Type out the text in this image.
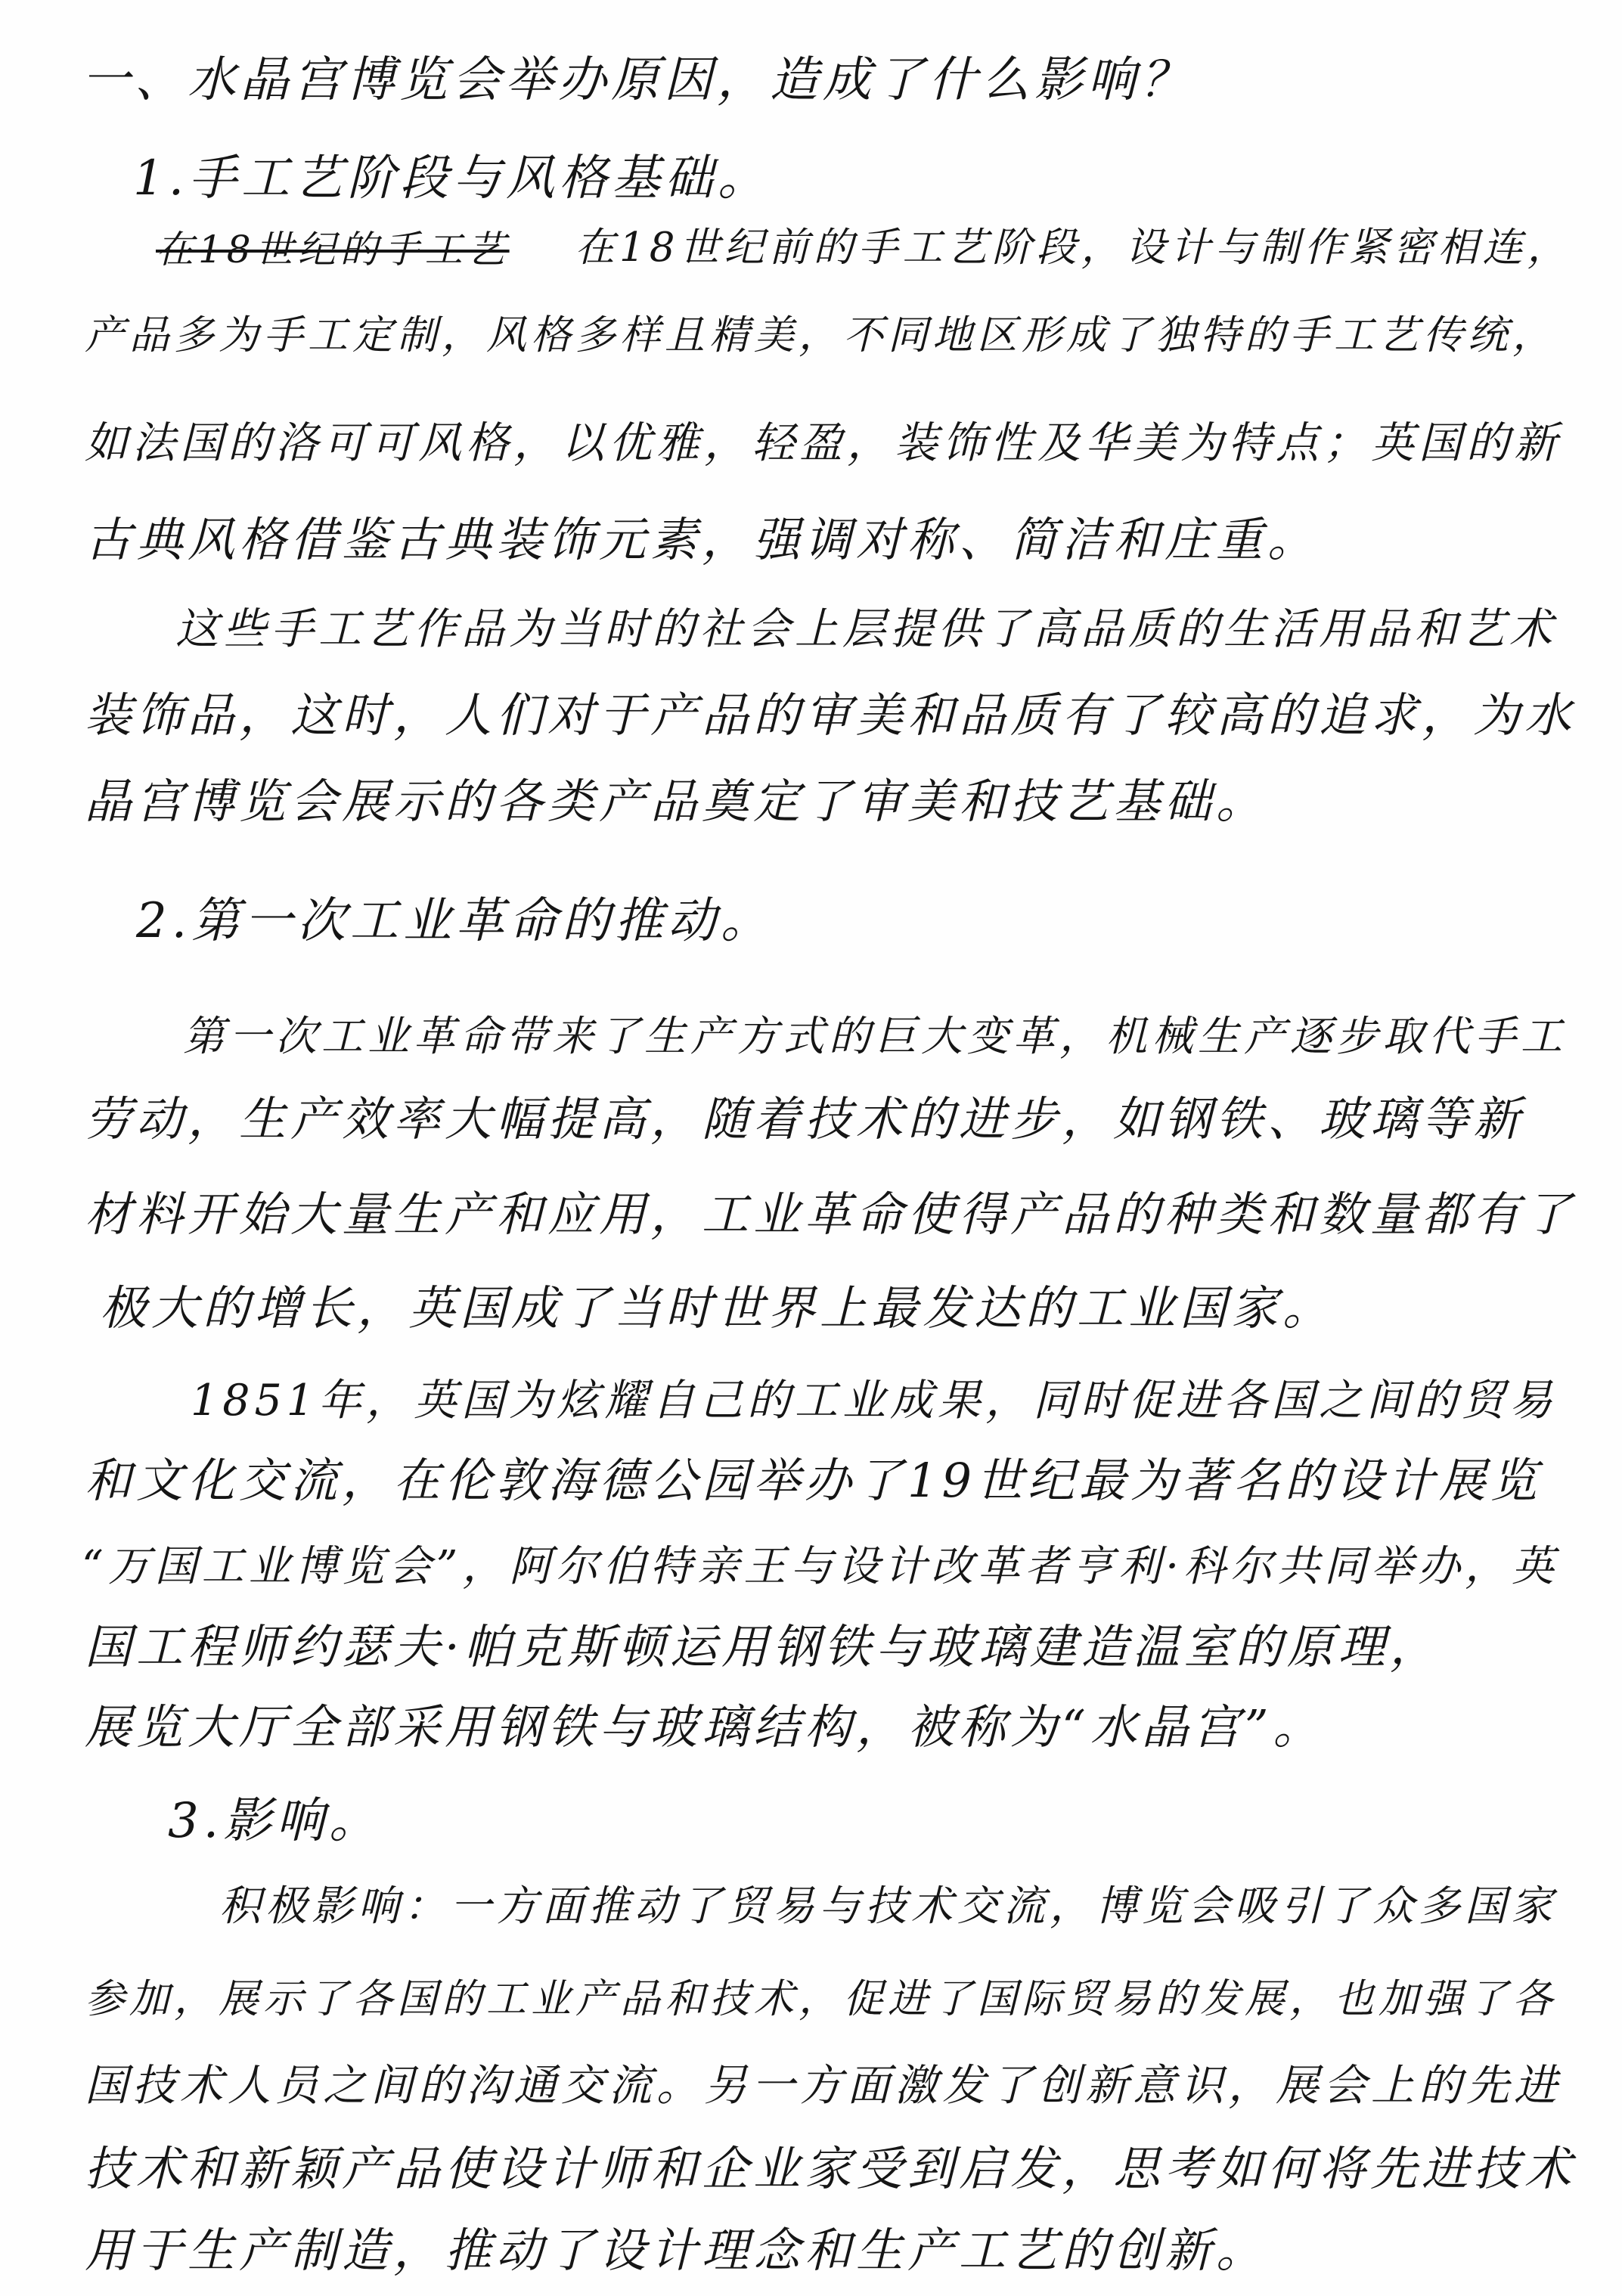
一、水晶宫博览会举办原因，造成了什么影响？
1.手工艺阶段与风格基础。
在18世纪的手工艺 在18世纪前的手工艺阶段，设计与制作紧密相连，
产品多为手工定制，风格多样且精美，不同地区形成了独特的手工艺传统，
如法国的洛可可风格，以优雅，轻盈，装饰性及华美为特点；英国的新
古典风格借鉴古典装饰元素，强调对称、简洁和庄重。
这些手工艺作品为当时的社会上层提供了高品质的生活用品和艺术
装饰品，这时，人们对于产品的审美和品质有了较高的追求，为水
晶宫博览会展示的各类产品奠定了审美和技艺基础。
2.第一次工业革命的推动。
第一次工业革命带来了生产方式的巨大变革，机械生产逐步取代手工
劳动，生产效率大幅提高，随着技术的进步，如钢铁、玻璃等新
材料开始大量生产和应用，工业革命使得产品的种类和数量都有了
极大的增长，英国成了当时世界上最发达的工业国家。
1851年，英国为炫耀自己的工业成果，同时促进各国之间的贸易
和文化交流，在伦敦海德公园举办了19世纪最为著名的设计展览
“万国工业博览会”，阿尔伯特亲王与设计改革者亨利·科尔共同举办，英
国工程师约瑟夫·帕克斯顿运用钢铁与玻璃建造温室的原理，
展览大厅全部采用钢铁与玻璃结构，被称为“水晶宫”。
3.影响。
积极影响：一方面推动了贸易与技术交流，博览会吸引了众多国家
参加，展示了各国的工业产品和技术，促进了国际贸易的发展，也加强了各
国技术人员之间的沟通交流。另一方面激发了创新意识，展会上的先进
技术和新颖产品使设计师和企业家受到启发，思考如何将先进技术
用于生产制造，推动了设计理念和生产工艺的创新。
